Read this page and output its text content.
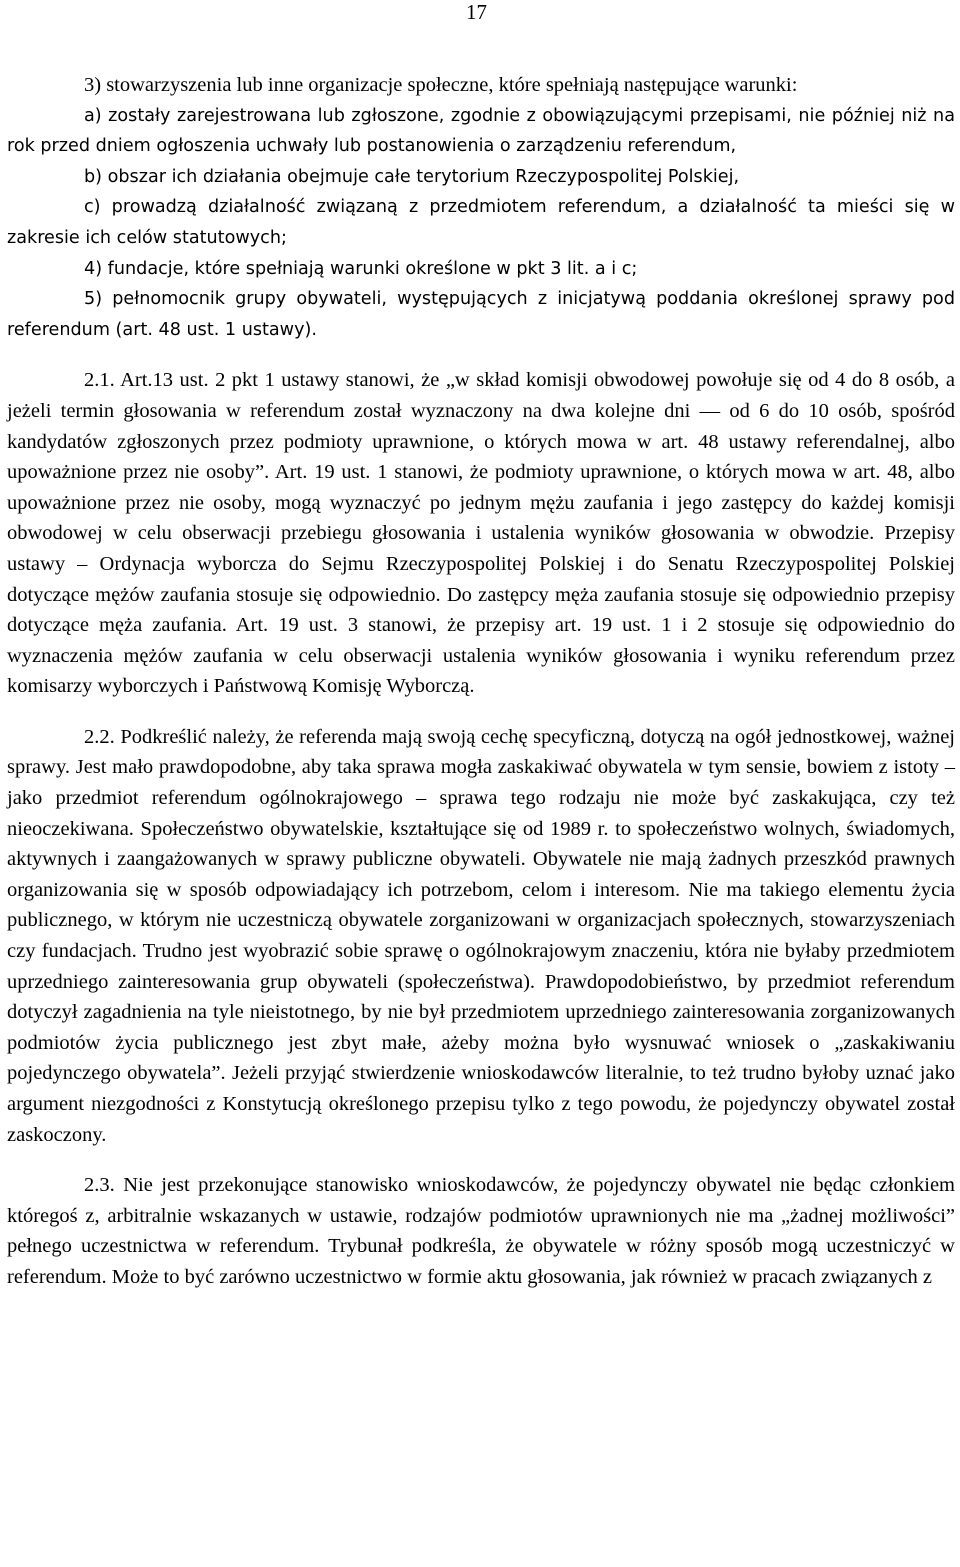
17

3) stowarzyszenia lub inne organizacje społeczne, które spełniają następujące warunki:

a) zostały zarejestrowana lub zgłoszone, zgodnie z obowiązującymi przepisami, nie później niż na rok przed dniem ogłoszenia uchwały lub postanowienia o zarządzeniu referendum,

b) obszar ich działania obejmuje całe terytorium Rzeczypospolitej Polskiej,

c) prowadzą działalność związaną z przedmiotem referendum, a działalność ta mieści się w zakresie ich celów statutowych;

4) fundacje, które spełniają warunki określone w pkt 3 lit. a i c;

5) pełnomocnik grupy obywateli, występujących z inicjatywą poddania określonej sprawy pod referendum (art. 48 ust. 1 ustawy).

2.1. Art.13 ust. 2 pkt 1 ustawy stanowi, że „w skład komisji obwodowej powołuje się od 4 do 8 osób, a jeżeli termin głosowania w referendum został wyznaczony na dwa kolejne dni — od 6 do 10 osób, spośród kandydatów zgłoszonych przez podmioty uprawnione, o których mowa w art. 48 ustawy referendalnej, albo upoważnione przez nie osoby”. Art. 19 ust. 1 stanowi, że podmioty uprawnione, o których mowa w art. 48, albo upoważnione przez nie osoby, mogą wyznaczyć po jednym mężu zaufania i jego zastępcy do każdej komisji obwodowej w celu obserwacji przebiegu głosowania i ustalenia wyników głosowania w obwodzie. Przepisy ustawy – Ordynacja wyborcza do Sejmu Rzeczypospolitej Polskiej i do Senatu Rzeczypospolitej Polskiej dotyczące mężów zaufania stosuje się odpowiednio. Do zastępcy męża zaufania stosuje się odpowiednio przepisy dotyczące męża zaufania. Art. 19 ust. 3 stanowi, że przepisy art. 19 ust. 1 i 2 stosuje się odpowiednio do wyznaczenia mężów zaufania w celu obserwacji ustalenia wyników głosowania i wyniku referendum przez komisarzy wyborczych i Państwową Komisję Wyborczą.

2.2. Podkreślić należy, że referenda mają swoją cechę specyficzną, dotyczą na ogół jednostkowej, ważnej sprawy. Jest mało prawdopodobne, aby taka sprawa mogła zaskakiwać obywatela w tym sensie, bowiem z istoty – jako przedmiot referendum ogólnokrajowego – sprawa tego rodzaju nie może być zaskakująca, czy też nieoczekiwana. Społeczeństwo obywatelskie, kształtujące się od 1989 r. to społeczeństwo wolnych, świadomych, aktywnych i zaangażowanych w sprawy publiczne obywateli. Obywatele nie mają żadnych przeszkód prawnych organizowania się w sposób odpowiadający ich potrzebom, celom i interesom. Nie ma takiego elementu życia publicznego, w którym nie uczestniczą obywatele zorganizowani w organizacjach społecznych, stowarzyszeniach czy fundacjach. Trudno jest wyobrazić sobie sprawę o ogólnokrajowym znaczeniu, która nie byłaby przedmiotem uprzedniego zainteresowania grup obywateli (społeczeństwa). Prawdopodobieństwo, by przedmiot referendum dotyczył zagadnienia na tyle nieistotnego, by nie był przedmiotem uprzedniego zainteresowania zorganizowanych podmiotów życia publicznego jest zbyt małe, ażeby można było wysnuwać wniosek o „zaskakiwaniu pojedynczego obywatela”. Jeżeli przyjąć stwierdzenie wnioskodawców literalnie, to też trudno byłoby uznać jako argument niezgodności z Konstytucją określonego przepisu tylko z tego powodu, że pojedynczy obywatel został zaskoczony.

2.3. Nie jest przekonujące stanowisko wnioskodawców, że pojedynczy obywatel nie będąc członkiem któregoś z, arbitralnie wskazanych w ustawie, rodzajów podmiotów uprawnionych nie ma „żadnej możliwości” pełnego uczestnictwa w referendum. Trybunał podkreśla, że obywatele w różny sposób mogą uczestniczyć w referendum. Może to być zarówno uczestnictwo w formie aktu głosowania, jak również w pracach związanych z
